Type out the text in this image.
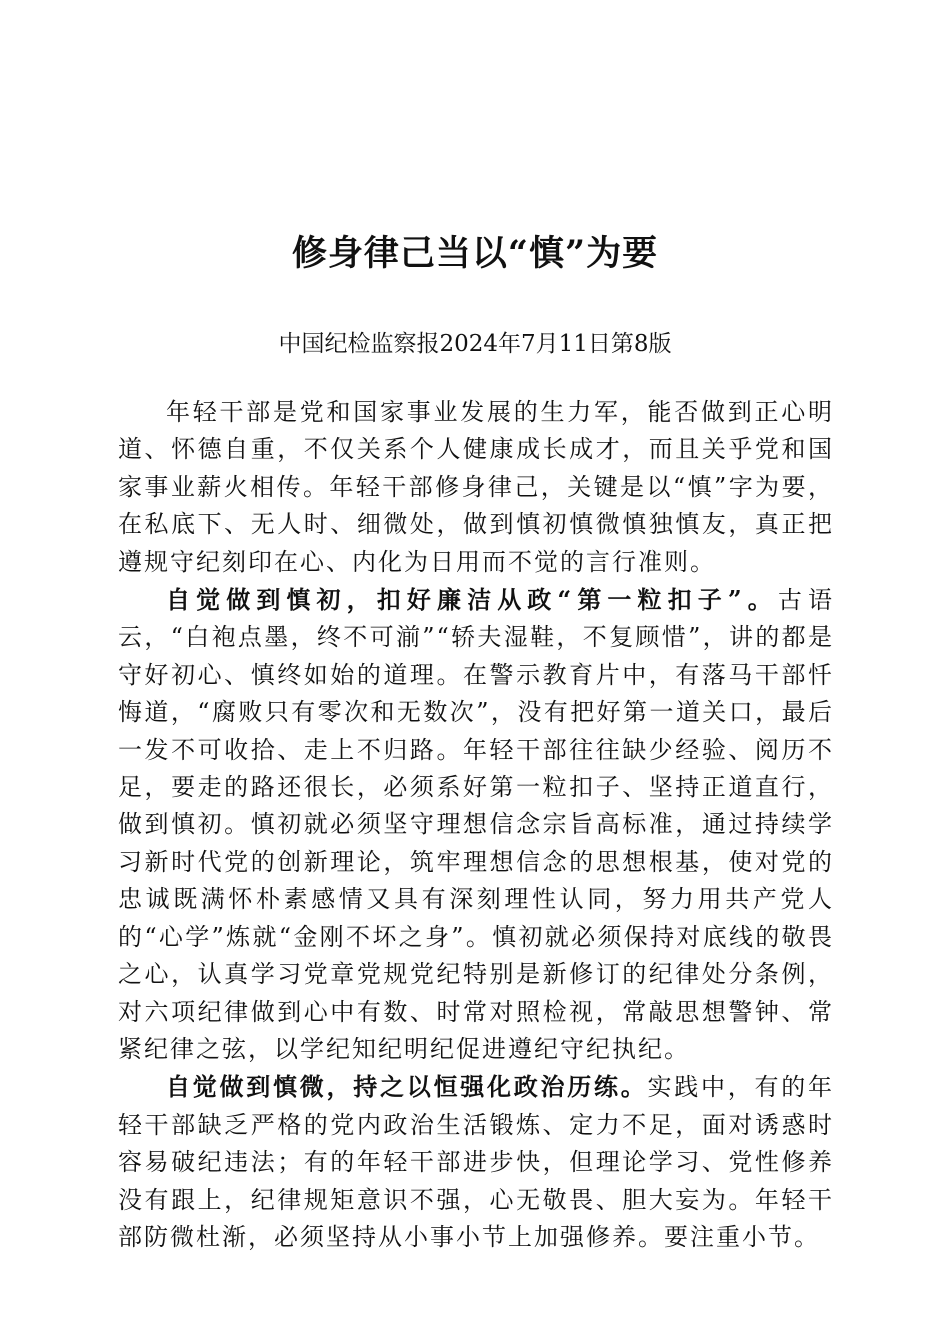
修身律己当以“慎”为要
中国纪检监察报2024年7月11日第8版

年轻干部是党和国家事业发展的生力军，能否做到正心明道、怀德自重，不仅关系个人健康成长成才，而且关乎党和国家事业薪火相传。年轻干部修身律己，关键是以“慎”字为要，在私底下、无人时、细微处，做到慎初慎微慎独慎友，真正把遵规守纪刻印在心、内化为日用而不觉的言行准则。

自觉做到慎初，扣好廉洁从政“第一粒扣子”。古语云，“白袍点墨，终不可湔”“轿夫湿鞋，不复顾惜”，讲的都是守好初心、慎终如始的道理。在警示教育片中，有落马干部忏悔道，“腐败只有零次和无数次”，没有把好第一道关口，最后一发不可收拾、走上不归路。年轻干部往往缺少经验、阅历不足，要走的路还很长，必须系好第一粒扣子、坚持正道直行，做到慎初。慎初就必须坚守理想信念宗旨高标准，通过持续学习新时代党的创新理论，筑牢理想信念的思想根基，使对党的忠诚既满怀朴素感情又具有深刻理性认同，努力用共产党人的“心学”炼就“金刚不坏之身”。慎初就必须保持对底线的敬畏之心，认真学习党章党规党纪特别是新修订的纪律处分条例，对六项纪律做到心中有数、时常对照检视，常敲思想警钟、常紧纪律之弦，以学纪知纪明纪促进遵纪守纪执纪。

自觉做到慎微，持之以恒强化政治历练。实践中，有的年轻干部缺乏严格的党内政治生活锻炼、定力不足，面对诱惑时容易破纪违法；有的年轻干部进步快，但理论学习、党性修养没有跟上，纪律规矩意识不强，心无敬畏、胆大妄为。年轻干部防微杜渐，必须坚持从小事小节上加强修养。要注重小节。
